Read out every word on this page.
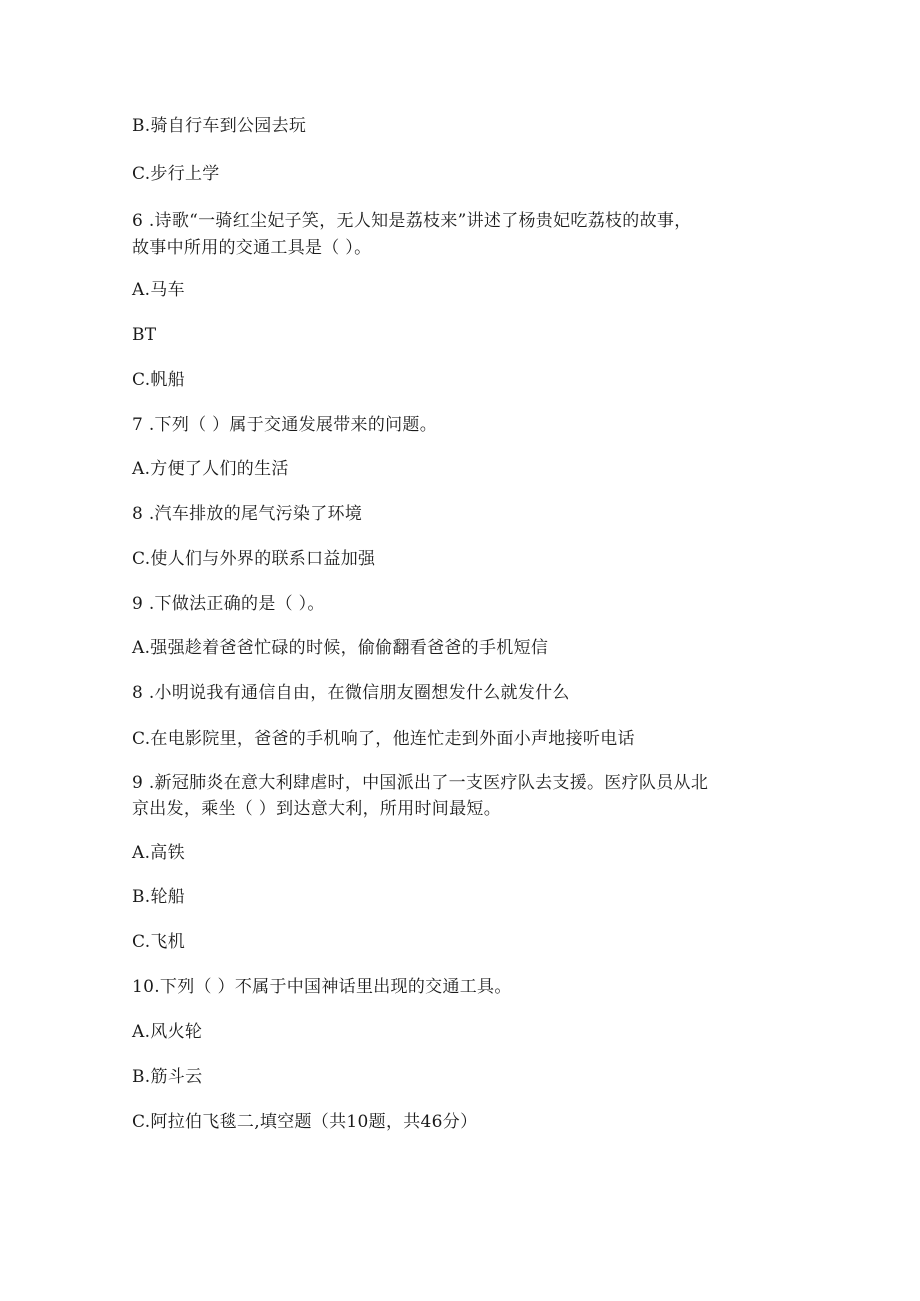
B.骑自行车到公园去玩
C.步行上学
6 .诗歌“一骑红尘妃子笑，无人知是荔枝来”讲述了杨贵妃吃荔枝的故事，
故事中所用的交通工具是（ ）。
A.马车
BT
C.帆船
7 .下列（ ）属于交通发展带来的问题。
A.方便了人们的生活
8 .汽车排放的尾气污染了环境
C.使人们与外界的联系口益加强
9 .下做法正确的是（ ）。
A.强强趁着爸爸忙碌的时候，偷偷翻看爸爸的手机短信
8 .小明说我有通信自由，在微信朋友圈想发什么就发什么
C.在电影院里，爸爸的手机响了，他连忙走到外面小声地接听电话
9 .新冠肺炎在意大利肆虐时，中国派出了一支医疗队去支援。医疗队员从北
京出发，乘坐（ ）到达意大利，所用时间最短。
A.高铁
B.轮船
C.飞机
10.下列（ ）不属于中国神话里出现的交通工具。
A.风火轮
B.筋斗云
C.阿拉伯飞毯二,填空题（共10题，共46分）
